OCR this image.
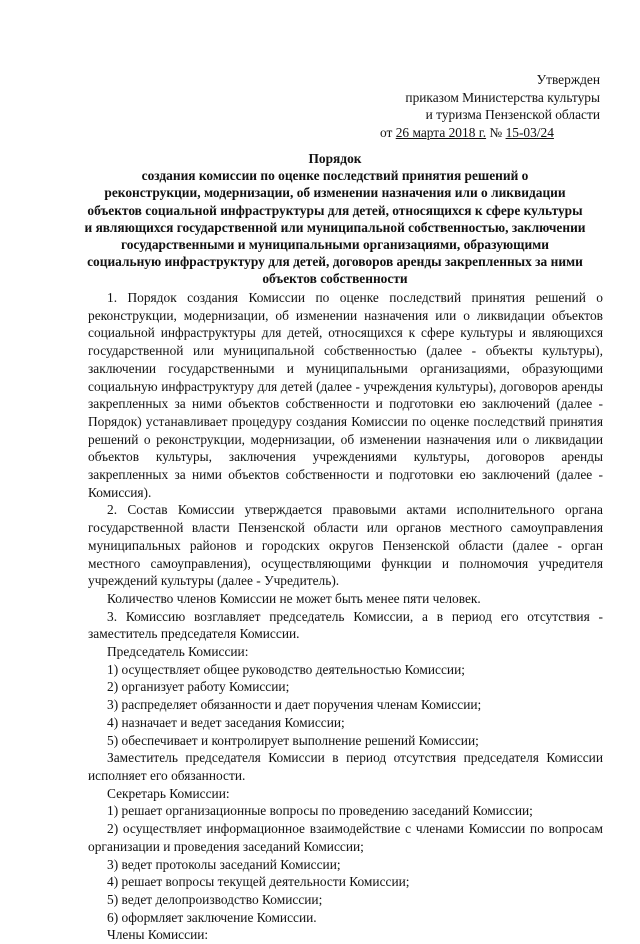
Утвержден
приказом Министерства культуры
и туризма Пензенской области
от 26 марта 2018 г. № 15-03/24
Порядок
создания комиссии по оценке последствий принятия решений о
реконструкции, модернизации, об изменении назначения или о ликвидации
объектов социальной инфраструктуры для детей, относящихся к сфере культуры
и являющихся государственной или муниципальной собственностью, заключении
государственными и муниципальными организациями, образующими
социальную инфраструктуру для детей, договоров аренды закрепленных за ними
объектов собственности

1. Порядок создания Комиссии по оценке последствий принятия решений о реконструкции, модернизации, об изменении назначения или о ликвидации объектов социальной инфраструктуры для детей, относящихся к сфере культуры и являющихся государственной или муниципальной собственностью (далее - объекты культуры), заключении государственными и муниципальными организациями, образующими социальную инфраструктуру для детей (далее - учреждения культуры), договоров аренды закрепленных за ними объектов собственности и подготовки ею заключений (далее - Порядок) устанавливает процедуру создания Комиссии по оценке последствий принятия решений о реконструкции, модернизации, об изменении назначения или о ликвидации объектов культуры, заключения учреждениями культуры, договоров аренды закрепленных за ними объектов собственности и подготовки ею заключений (далее - Комиссия).

2. Состав Комиссии утверждается правовыми актами исполнительного органа государственной власти Пензенской области или органов местного самоуправления муниципальных районов и городских округов Пензенской области (далее - орган местного самоуправления), осуществляющими функции и полномочия учредителя учреждений культуры (далее - Учредитель).

Количество членов Комиссии не может быть менее пяти человек.

3. Комиссию возглавляет председатель Комиссии, а в период его отсутствия - заместитель председателя Комиссии.

Председатель Комиссии:

1) осуществляет общее руководство деятельностью Комиссии;

2) организует работу Комиссии;

3) распределяет обязанности и дает поручения членам Комиссии;

4) назначает и ведет заседания Комиссии;

5) обеспечивает и контролирует выполнение решений Комиссии;

Заместитель председателя Комиссии в период отсутствия председателя Комиссии исполняет его обязанности.

Секретарь Комиссии:

1) решает организационные вопросы по проведению заседаний Комиссии;

2) осуществляет информационное взаимодействие с членами Комиссии по вопросам организации и проведения заседаний Комиссии;

3) ведет протоколы заседаний Комиссии;

4) решает вопросы текущей деятельности Комиссии;

5) ведет делопроизводство Комиссии;

6) оформляет заключение Комиссии.

Члены Комиссии:
